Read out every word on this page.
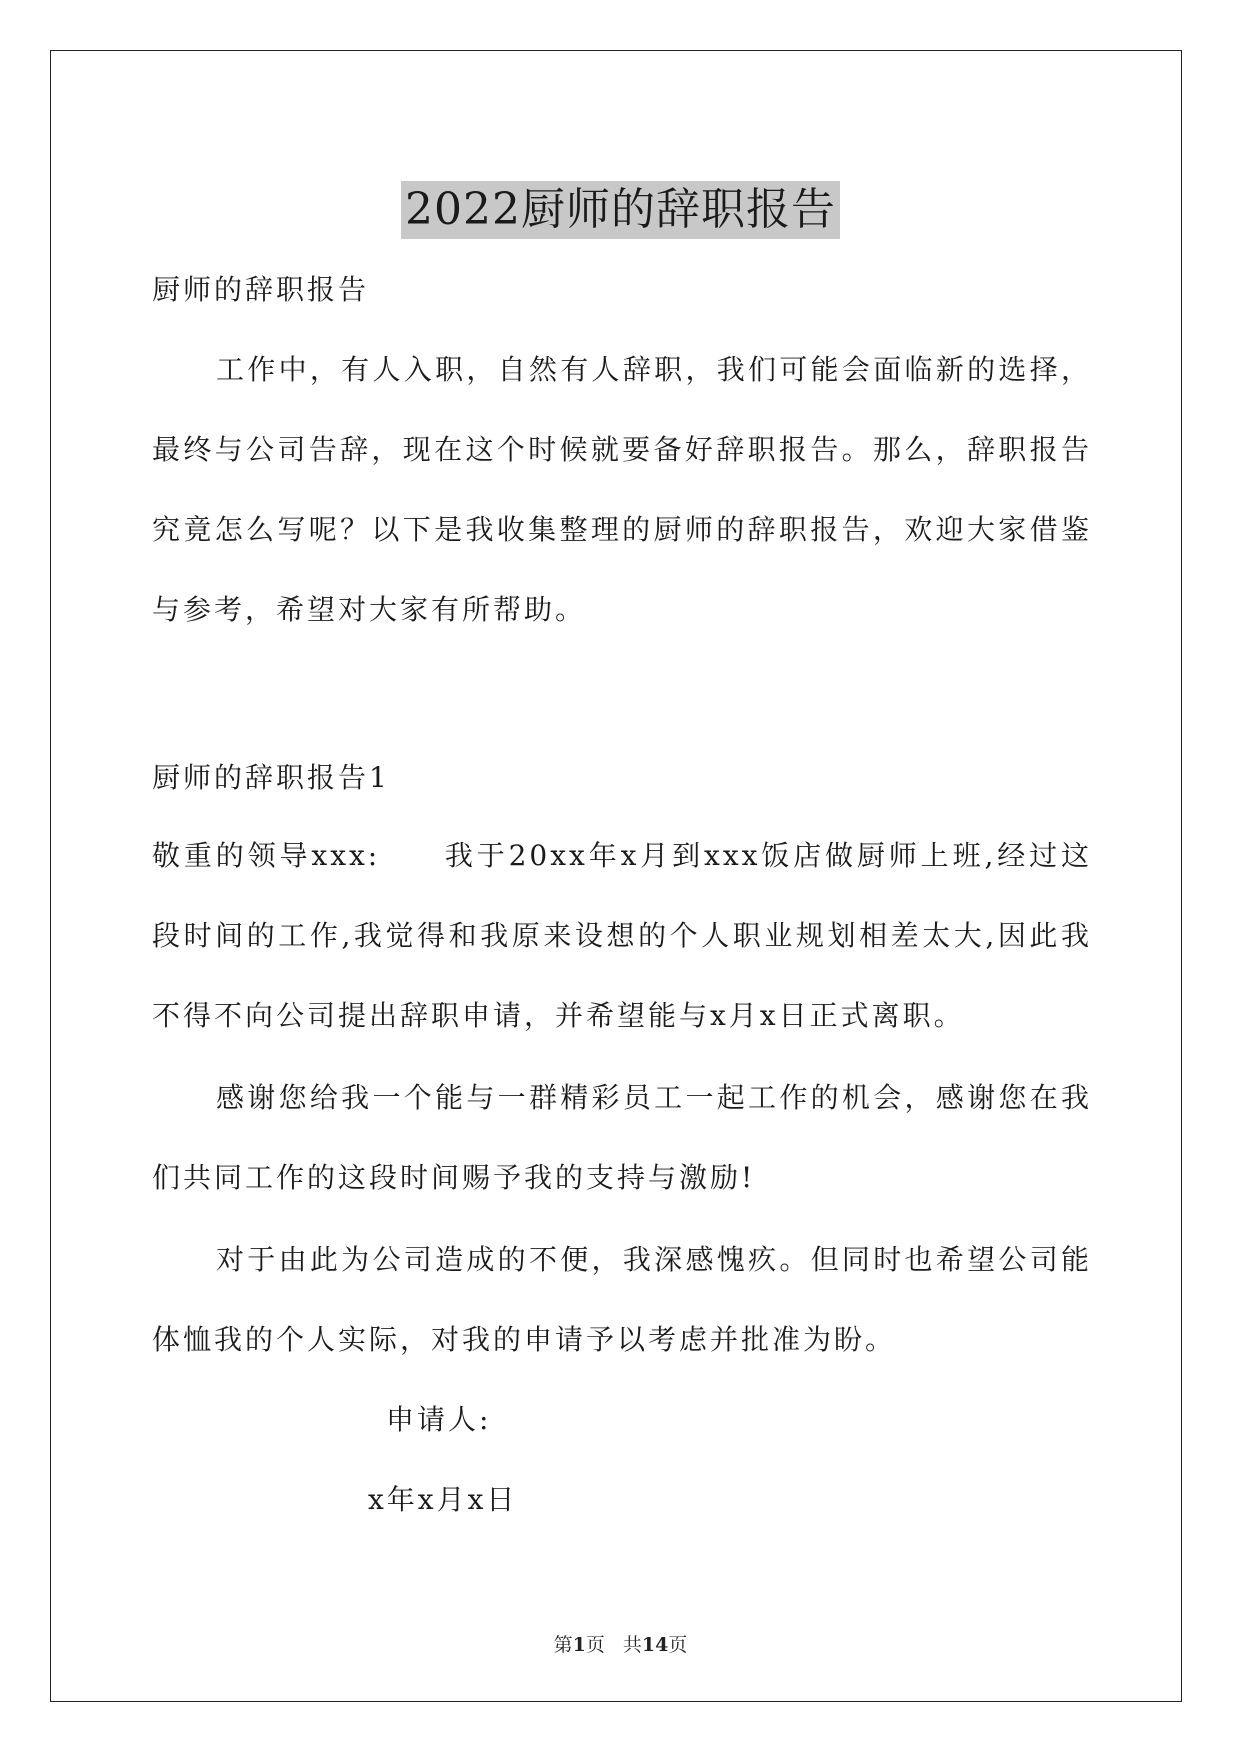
2022厨师的辞职报告

厨师的辞职报告

工作中，有人入职，自然有人辞职，我们可能会面临新的选择，最终与公司告辞，现在这个时候就要备好辞职报告。那么，辞职报告究竟怎么写呢？以下是我收集整理的厨师的辞职报告，欢迎大家借鉴与参考，希望对大家有所帮助。

厨师的辞职报告1

敬重的领导xxx:　　我于20xx年x月到xxx饭店做厨师上班,经过这段时间的工作,我觉得和我原来设想的个人职业规划相差太大,因此我不得不向公司提出辞职申请，并希望能与x月x日正式离职。

感谢您给我一个能与一群精彩员工一起工作的机会，感谢您在我们共同工作的这段时间赐予我的支持与激励!

对于由此为公司造成的不便，我深感愧疚。但同时也希望公司能体恤我的个人实际，对我的申请予以考虑并批准为盼。

申请人:

x年x月x日

第1页 共14页
